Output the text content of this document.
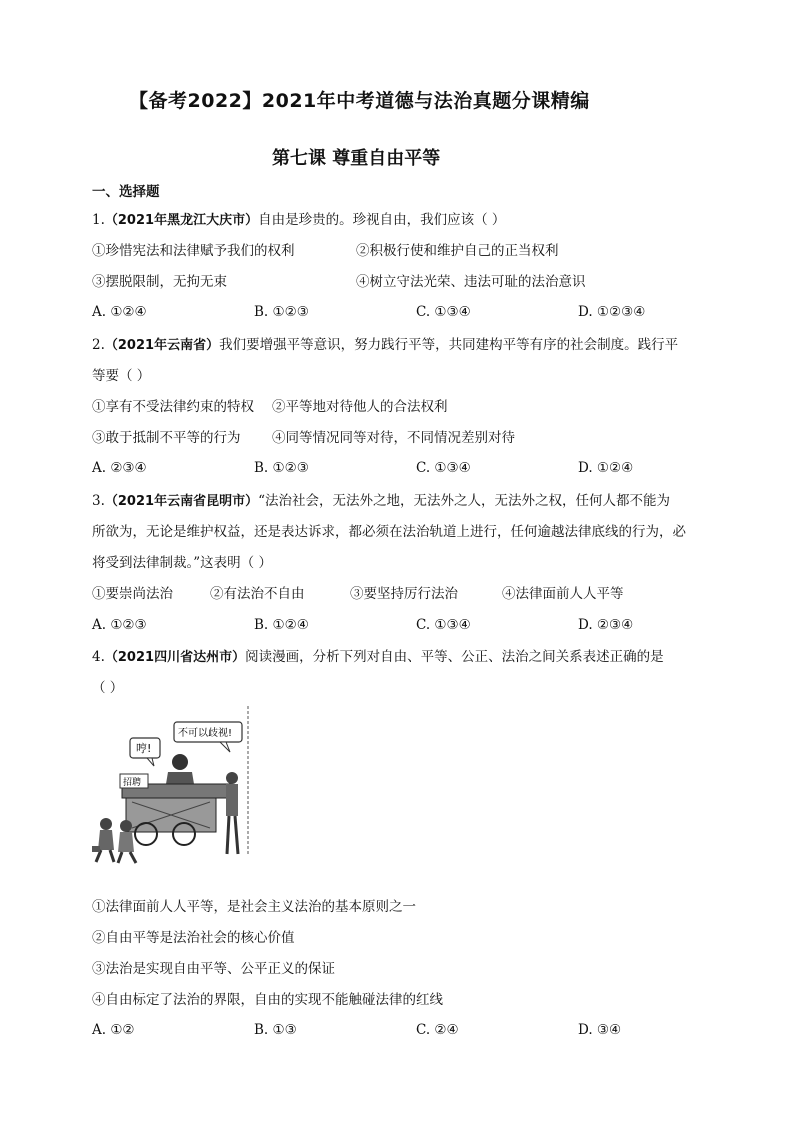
【备考2022】2021年中考道德与法治真题分课精编
第七课 尊重自由平等
一、选择题
1.（2021年黑龙江大庆市）自由是珍贵的。珍视自由，我们应该（ ）
①珍惜宪法和法律赋予我们的权利	②积极行使和维护自己的正当权利
③摆脱限制，无拘无束	④树立守法光荣、违法可耻的法治意识
A. ①②④	B. ①②③	C. ①③④	D. ①②③④
2.（2021年云南省）我们要增强平等意识，努力践行平等，共同建构平等有序的社会制度。践行平
等要（ ）
①享有不受法律约束的特权 ②平等地对待他人的合法权利
③敢于抵制不平等的行为 ④同等情况同等对待，不同情况差别对待
A. ②③④	B. ①②③	C. ①③④	D. ①②④
3.（2021年云南省昆明市）“法治社会，无法外之地，无法外之人，无法外之权，任何人都不能为
所欲为，无论是维护权益，还是表达诉求，都必须在法治轨道上进行，任何逾越法律底线的行为，必
将受到法律制裁。”这表明（ ）
①要崇尚法治	②有法治不自由	③要坚持厉行法治	④法律面前人人平等
A. ①②③	B. ①②④	C. ①③④	D. ②③④
4.（2021四川省达州市）阅读漫画，分析下列对自由、平等、公正、法治之间关系表述正确的是
（ ）
哼!
不可以歧视!
招聘
①法律面前人人平等，是社会主义法治的基本原则之一
②自由平等是法治社会的核心价值
③法治是实现自由平等、公平正义的保证
④自由标定了法治的界限，自由的实现不能触碰法律的红线
A. ①②	B. ①③	C. ②④	D. ③④
